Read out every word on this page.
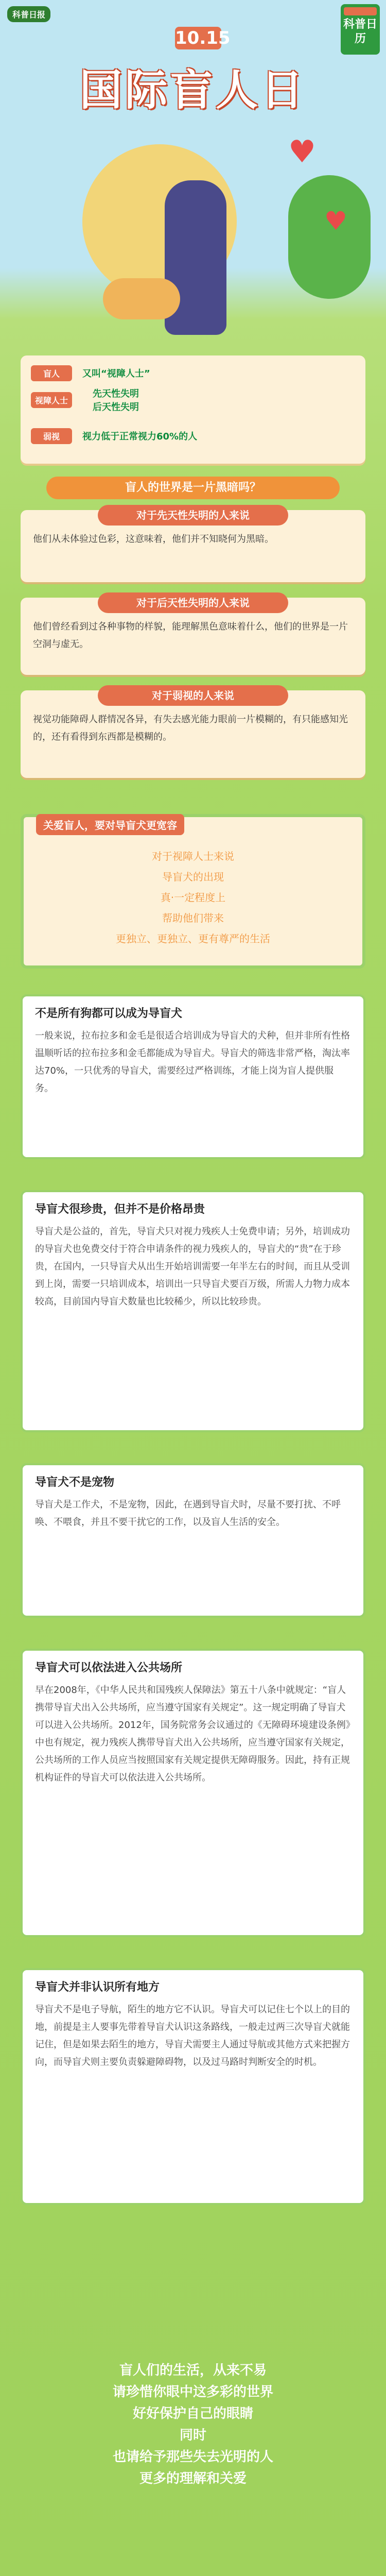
科普日报
科普日历
10.15
国际盲人日
♥
♥
盲人	又叫“视障人士”
视障人士
先天性失明
后天性失明
弱视	视力低于正常视力60%的人
盲人的世界是一片黑暗吗？
对于先天性失明的人来说
他们从未体验过色彩，这意味着，他们并不知晓何为黑暗。
对于后天性失明的人来说
他们曾经看到过各种事物的样貌，能理解黑色意味着什么，他们的世界是一片空洞与虚无。
对于弱视的人来说
视觉功能障碍人群情况各异，有失去感光能力眼前一片模糊的，有只能感知光的，还有看得到东西都是模糊的。
关爱盲人，要对导盲犬更宽容
对于视障人士来说
导盲犬的出现
真·一定程度上
帮助他们带来
更独立、更独立、更有尊严的生活
不是所有狗都可以成为导盲犬
一般来说，拉布拉多和金毛是很适合培训成为导盲犬的犬种，但并非所有性格温顺听话的拉布拉多和金毛都能成为导盲犬。导盲犬的筛选非常严格，淘汰率达70%，一只优秀的导盲犬，需要经过严格训练，才能上岗为盲人提供服务。
导盲犬很珍贵，但并不是价格昂贵
导盲犬是公益的，首先，导盲犬只对视力残疾人士免费申请；另外，培训成功的导盲犬也免费交付于符合申请条件的视力残疾人的，导盲犬的“贵”在于珍贵，在国内，一只导盲犬从出生开始培训需要一年半左右的时间，而且从受训到上岗，需要一只培训成本，培训出一只导盲犬要百万级，所需人力物力成本较高，目前国内导盲犬数量也比较稀少，所以比较珍贵。
导盲犬不是宠物
导盲犬是工作犬，不是宠物，因此，在遇到导盲犬时，尽量不要打扰、不呼唤、不喂食，并且不要干扰它的工作，以及盲人生活的安全。
导盲犬可以依法进入公共场所
早在2008年，《中华人民共和国残疾人保障法》第五十八条中就规定：“盲人携带导盲犬出入公共场所，应当遵守国家有关规定”。这一规定明确了导盲犬可以进入公共场所。2012年，国务院常务会议通过的《无障碍环境建设条例》中也有规定，视力残疾人携带导盲犬出入公共场所，应当遵守国家有关规定，公共场所的工作人员应当按照国家有关规定提供无障碍服务。因此，持有正规机构证件的导盲犬可以依法进入公共场所。
导盲犬并非认识所有地方
导盲犬不是电子导航，陌生的地方它不认识。导盲犬可以记住七个以上的目的地，前提是主人要事先带着导盲犬认识这条路线，一般走过两三次导盲犬就能记住，但是如果去陌生的地方，导盲犬需要主人通过导航或其他方式来把握方向，而导盲犬则主要负责躲避障碍物，以及过马路时判断安全的时机。
盲人们的生活，从来不易
请珍惜你眼中这多彩的世界
好好保护自己的眼睛
同时
也请给予那些失去光明的人
更多的理解和关爱
